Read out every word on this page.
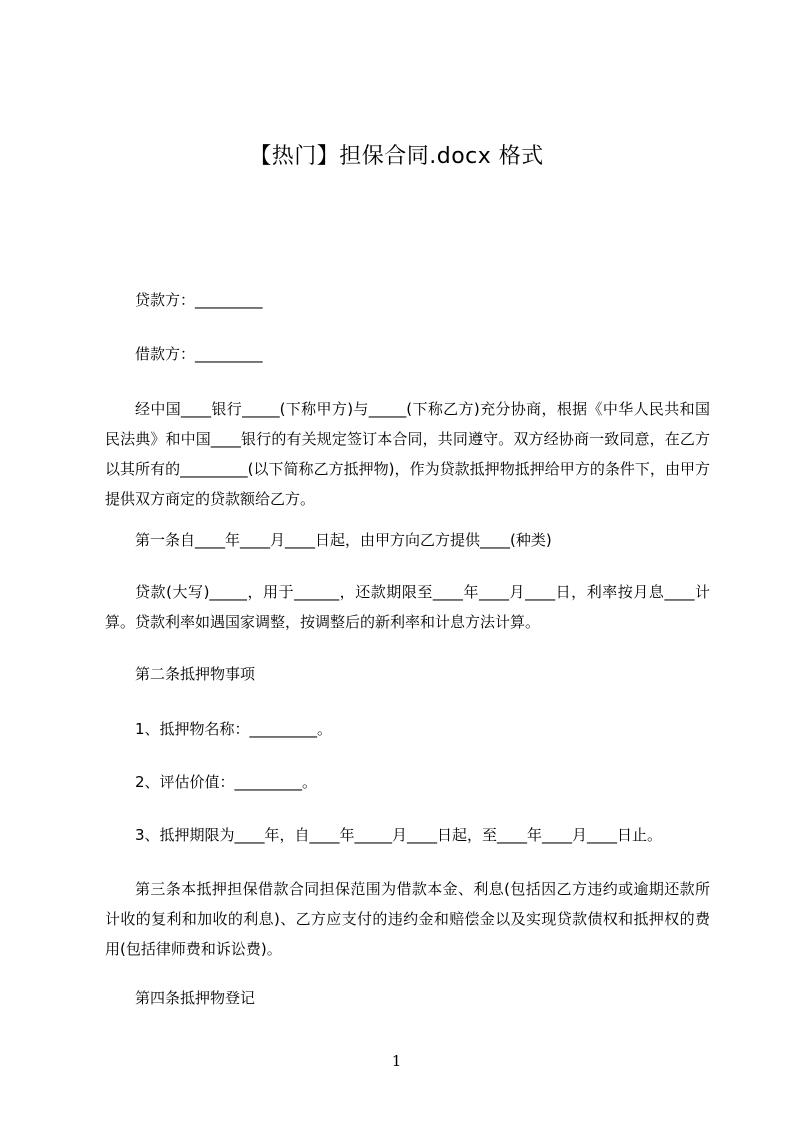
【热门】担保合同.docx 格式

贷款方：_________

借款方：_________

经中国____银行_____(下称甲方)与_____(下称乙方)充分协商，根据《中华人民共和国民法典》和中国____银行的有关规定签订本合同，共同遵守。双方经协商一致同意，在乙方以其所有的_________(以下简称乙方抵押物)，作为贷款抵押物抵押给甲方的条件下，由甲方提供双方商定的贷款额给乙方。

第一条自____年____月____日起，由甲方向乙方提供____(种类)

贷款(大写)_____，用于______，还款期限至____年____月____日，利率按月息____计算。贷款利率如遇国家调整，按调整后的新利率和计息方法计算。

第二条抵押物事项

1、抵押物名称：_________。

2、评估价值：_________。

3、抵押期限为____年，自____年_____月____日起，至____年____月____日止。

第三条本抵押担保借款合同担保范围为借款本金、利息(包括因乙方违约或逾期还款所计收的复利和加收的利息)、乙方应支付的违约金和赔偿金以及实现贷款债权和抵押权的费用(包括律师费和诉讼费)。

第四条抵押物登记

1
